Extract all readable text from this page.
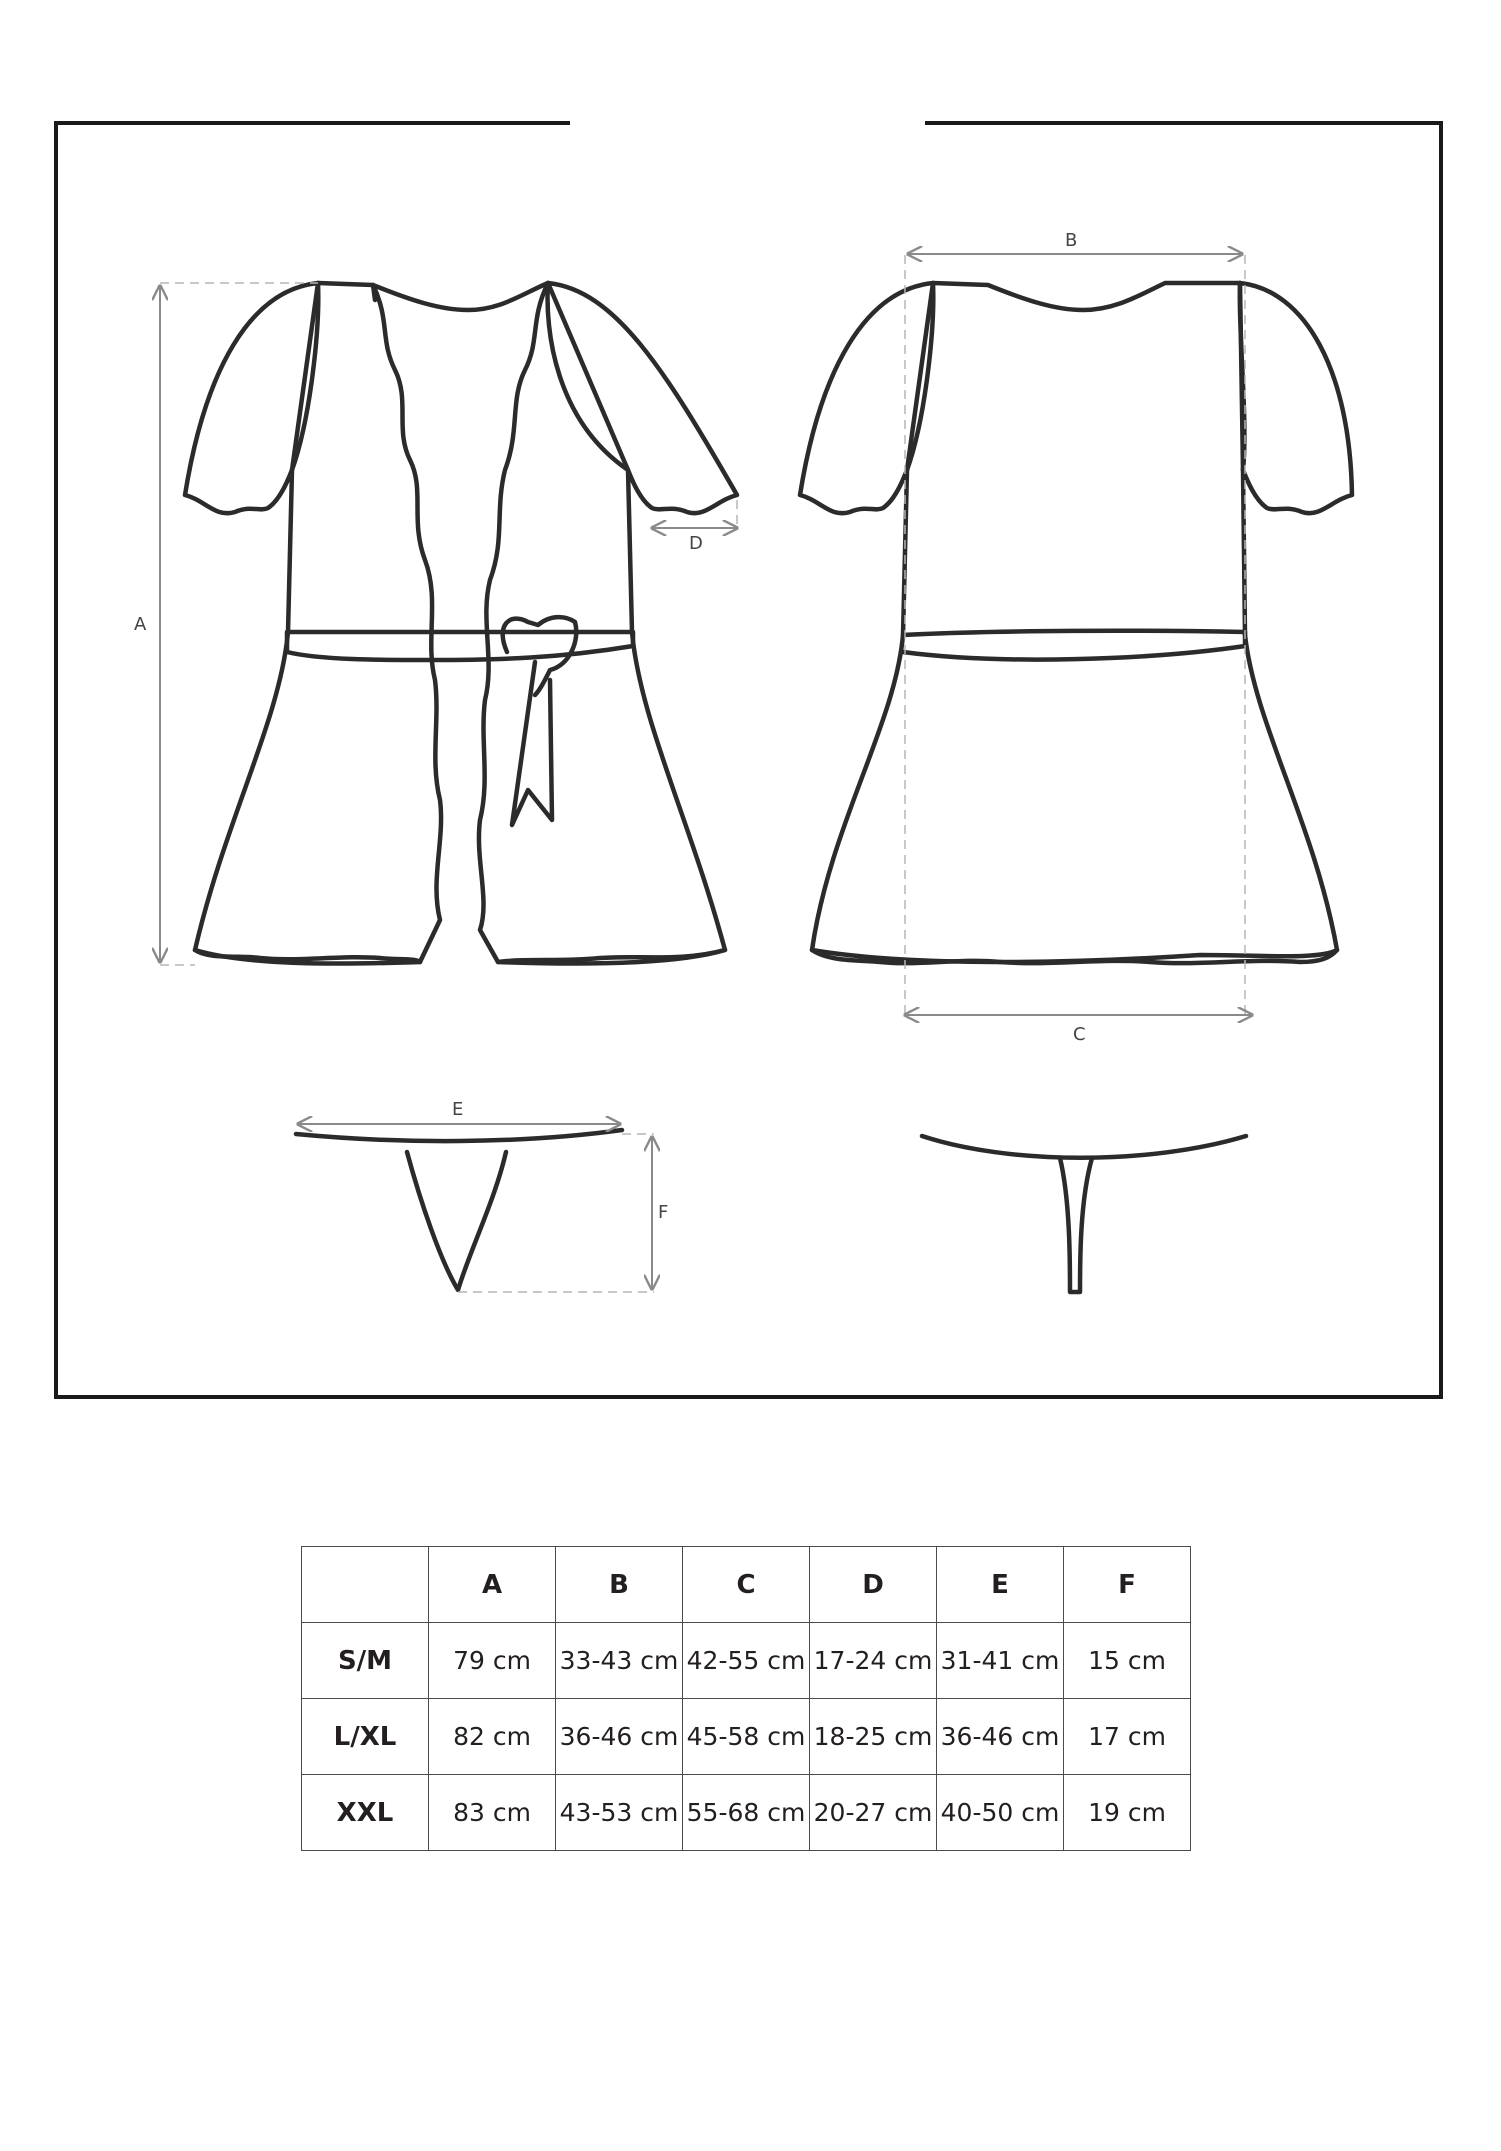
A
B
C
D
E
F
	A	B	C	D	E	F
S/M	79 cm	33-43 cm	42-55 cm	17-24 cm	31-41 cm	15 cm
L/XL	82 cm	36-46 cm	45-58 cm	18-25 cm	36-46 cm	17 cm
XXL	83 cm	43-53 cm	55-68 cm	20-27 cm	40-50 cm	19 cm
